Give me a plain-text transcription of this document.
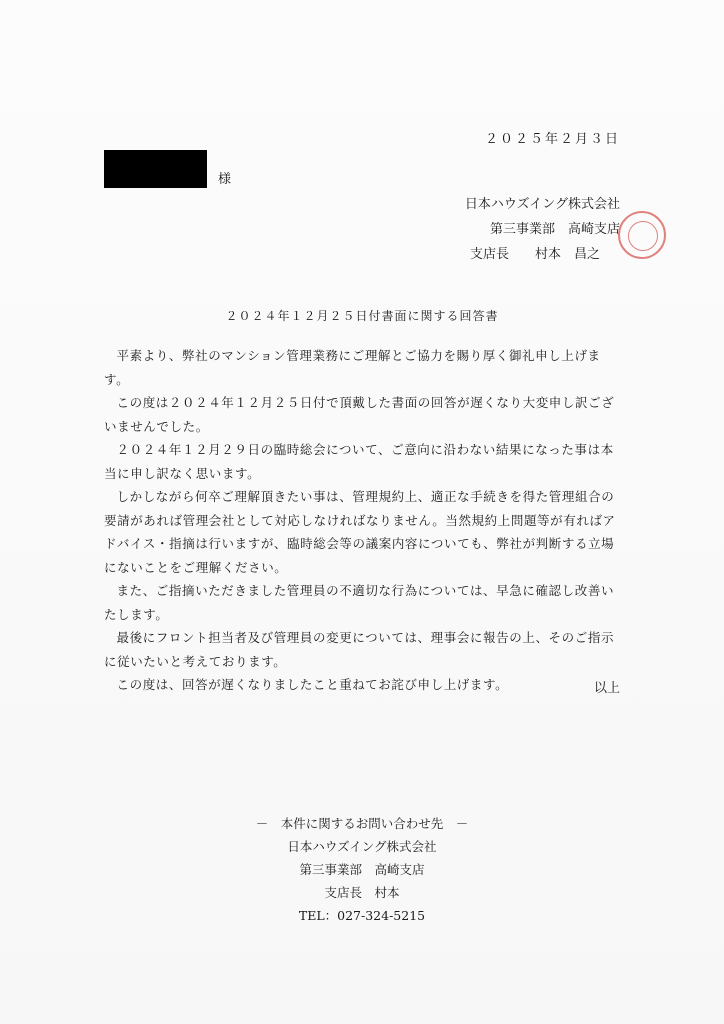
２０２５年２月３日
様
日本ハウズイング株式会社
第三事業部　高崎支店
支店長　　村本　昌之
２０２４年１２月２５日付書面に関する回答書

平素より、弊社のマンション管理業務にご理解とご協力を賜り厚く御礼申し上げます。

この度は２０２４年１２月２５日付で頂戴した書面の回答が遅くなり大変申し訳ございませんでした。

２０２４年１２月２９日の臨時総会について、ご意向に沿わない結果になった事は本当に申し訳なく思います。

しかしながら何卒ご理解頂きたい事は、管理規約上、適正な手続きを得た管理組合の要請があれば管理会社として対応しなければなりません。当然規約上問題等が有ればアドバイス・指摘は行いますが、臨時総会等の議案内容についても、弊社が判断する立場にないことをご理解ください。

また、ご指摘いただきました管理員の不適切な行為については、早急に確認し改善いたします。

最後にフロント担当者及び管理員の変更については、理事会に報告の上、そのご指示に従いたいと考えております。

この度は、回答が遅くなりましたこと重ねてお詫び申し上げます。	以上
－　本件に関するお問い合わせ先　－
日本ハウズイング株式会社
第三事業部　高崎支店
支店長　村本
TEL：027-324-5215
